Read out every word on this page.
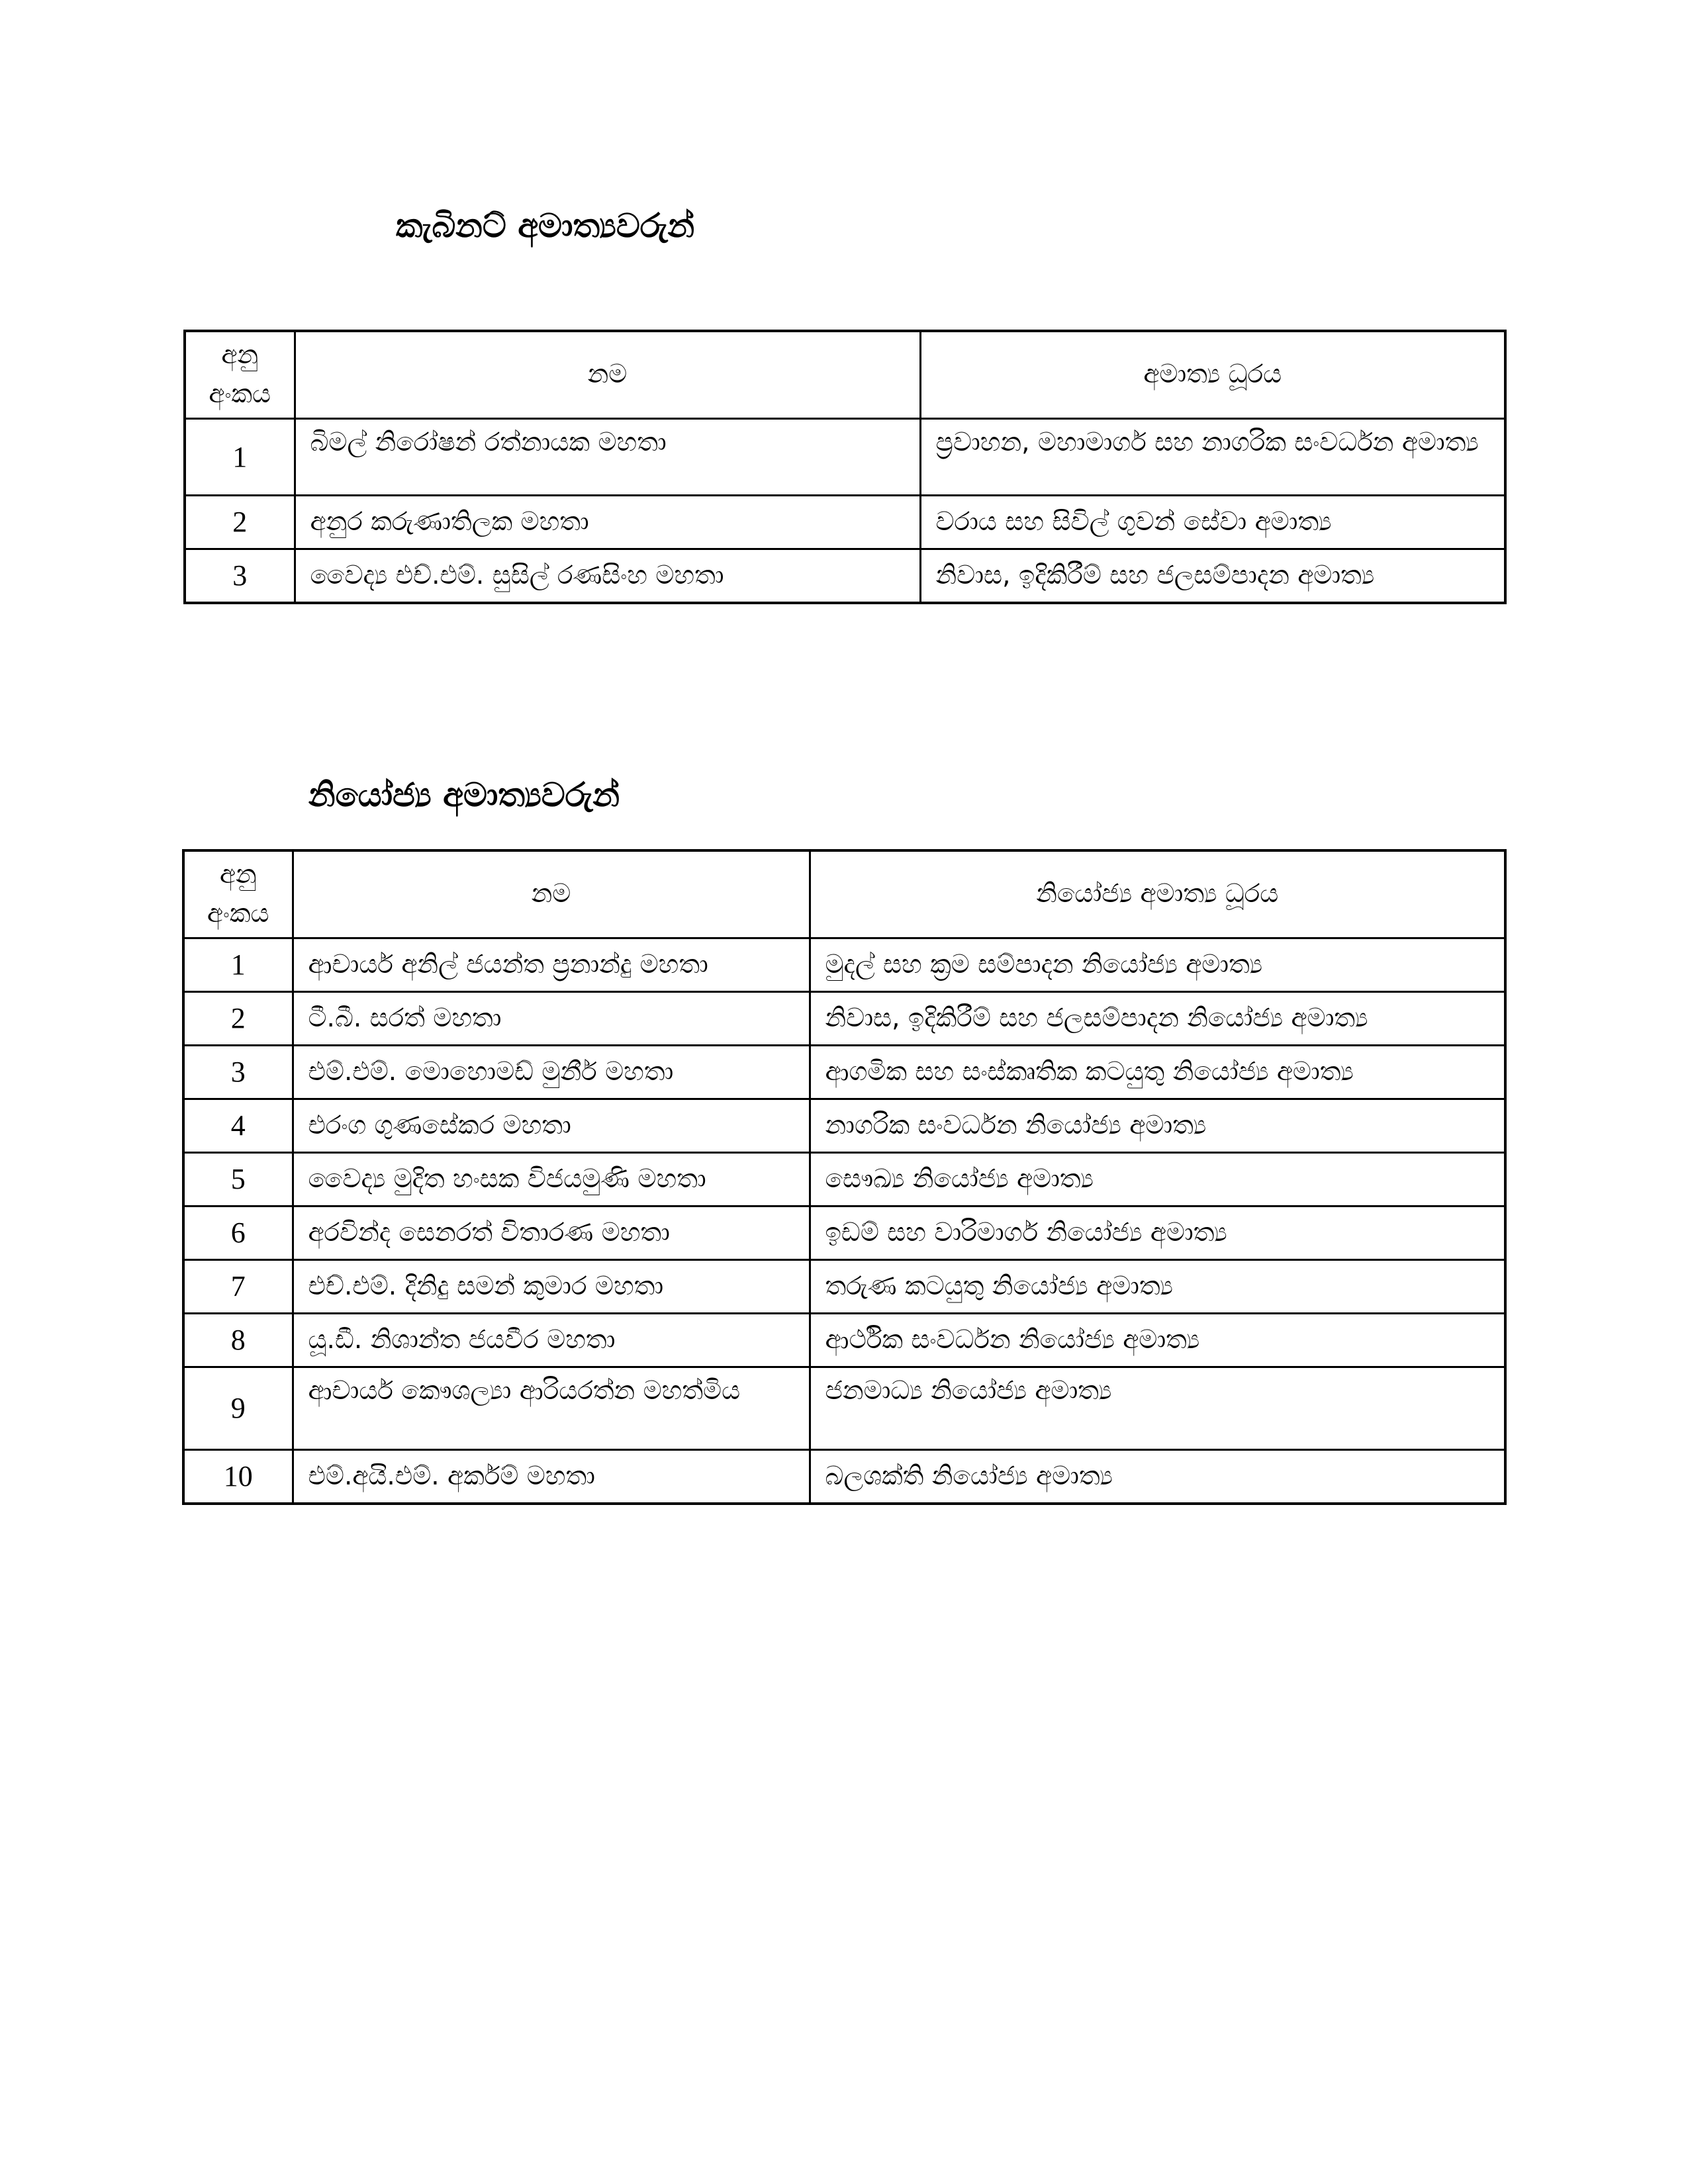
කැබිනට් අමාත්‍යවරුන්
අනු අංකය	නම	අමාත්‍ය ධූරය
1	බිමල් නිරෝෂන් රත්නායක මහතා	ප්‍රවාහන, මහාමාර්ග සහ නාගරික සංවර්ධන අමාත්‍ය
2	අනුර කරුණාතිලක මහතා	වරාය සහ සිවිල් ගුවන් සේවා අමාත්‍ය
3	වෛද්‍ය එච්.එම්. සුසිල් රණසිංහ මහතා	නිවාස, ඉදිකිරීම් සහ ජලසම්පාදන අමාත්‍ය
නියෝජ්‍ය අමාත්‍යවරුන්
අනු අංකය	නම	නියෝජ්‍ය අමාත්‍ය ධූරය
1	ආචාර්ය අනිල් ජයන්ත ප්‍රනාන්දු මහතා	මුදල් සහ ක්‍රම සම්පාදන නියෝජ්‍ය අමාත්‍ය
2	ටී.බී. සරත් මහතා	නිවාස, ඉදිකිරීම් සහ ජලසම්පාදන නියෝජ්‍ය අමාත්‍ය
3	එම්.එම්. මොහොමඩ් මුනීර් මහතා	ආගමික සහ සංස්කෘතික කටයුතු නියෝජ්‍ය අමාත්‍ය
4	එරංග ගුණසේකර මහතා	නාගරික සංවර්ධන නියෝජ්‍ය අමාත්‍ය
5	වෛද්‍ය මුදිත හංසක විජයමුණි මහතා	සෞඛ්‍ය නියෝජ්‍ය අමාත්‍ය
6	අරවින්ද සෙනරත් විතාරණ මහතා	ඉඩම් සහ වාරිමාර්ග නියෝජ්‍ය අමාත්‍ය
7	එච්.එම්. දිනිදු සමන් කුමාර මහතා	තරුණ කටයුතු නියෝජ්‍ය අමාත්‍ය
8	යූ.ඩී. නිශාන්ත ජයවීර මහතා	ආර්ථික සංවර්ධන නියෝජ්‍ය අමාත්‍ය
9	ආචාර්ය කෞශල්‍යා ආරියරත්න මහත්මිය	ජනමාධ්‍ය නියෝජ්‍ය අමාත්‍ය
10	එම්.අයි.එම්. අර්කම් මහතා	බලශක්ති නියෝජ්‍ය අමාත්‍ය
